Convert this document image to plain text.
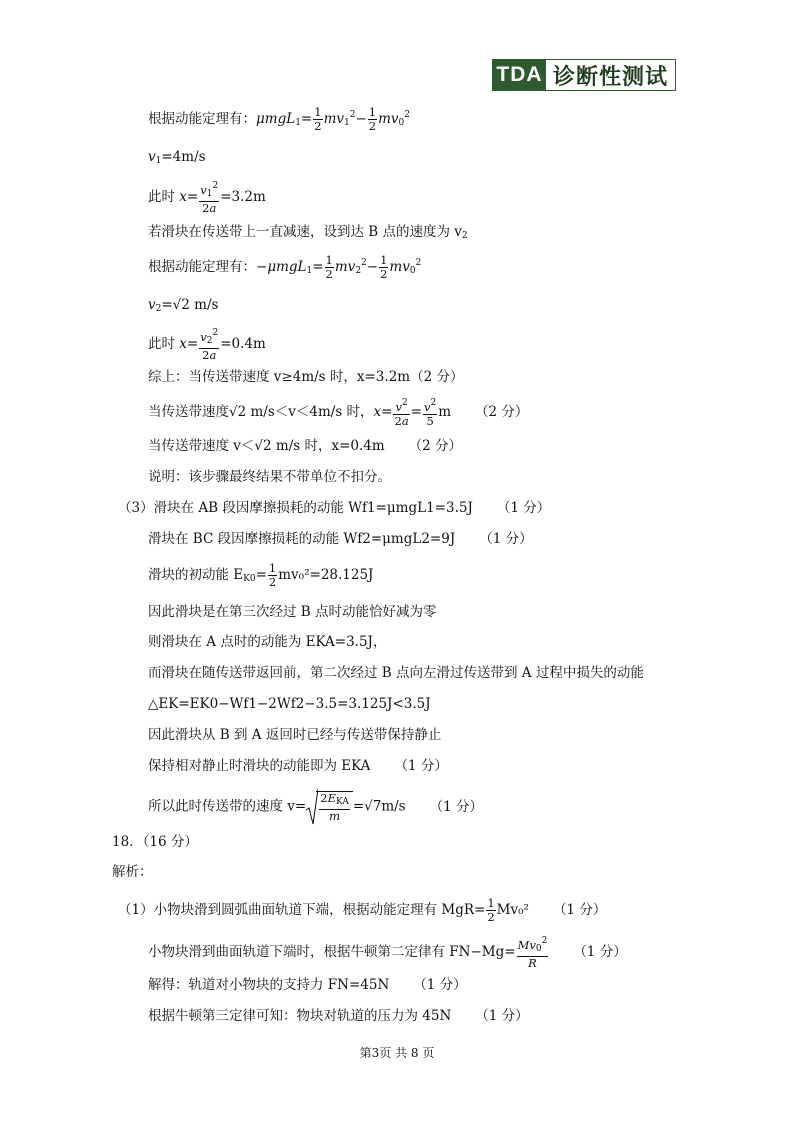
TDA 诊断性测试
根据动能定理有：$\mu mgL_1= \frac{1}{2} mv_1^2- \frac{1}{2} mv_0^2$
$v_1=4m/s$
此时 $x= \frac{v_1^2}{2a} =3.2m$
若滑块在传送带上一直减速，设到达 B 点的速度为 $v_2$
根据动能定理有：$-\mu mgL_1= \frac{1}{2} mv_2^2- \frac{1}{2} mv_0^2$
$v_2=√2$ m/s
此时 $x= \frac{v_2^2}{2a} =0.4m$
综上：当传送带速度 v≥4m/s 时，x=3.2m（2 分）
当传送带速度√2 m/s＜v＜4m/s 时，$x= \frac{v^2}{2a} = \frac{v^2}{5}$ m （2 分）
当传送带速度 v＜√2 m/s 时，x=0.4m （2 分）
说明：该步骤最终结果不带单位不扣分。
（3）滑块在 AB 段因摩擦损耗的动能 Wf1=μmgL1=3.5J （1 分）
滑块在 BC 段因摩擦损耗的动能 Wf2=μmgL2=9J （1 分）
滑块的初动能 $E_{K0}= \frac{1}{2} mv_0^2=28.125J$
因此滑块是在第三次经过 B 点时动能恰好减为零
则滑块在 A 点时的动能为 EKA=3.5J，
而滑块在随传送带返回前，第二次经过 B 点向左滑过传送带到 A 过程中损失的动能
△EK=EK0−Wf1−2Wf2−3.5=3.125J<3.5J
因此滑块从 B 到 A 返回时已经与传送带保持静止
保持相对静止时滑块的动能即为 EKA （1 分）
所以此时传送带的速度 $v= \frac{2E_{KA}}{m} =√7m/s$ （1 分）
18．（16 分）
解析：
（1）小物块滑到圆弧曲面轨道下端，根据动能定理有 $MgR= \frac{1}{2} Mv_0^2$ （1 分）
小物块滑到曲面轨道下端时，根据牛顿第二定律有 $FN-Mg= \frac{Mv_0^2}{R} (1$ 分）
解得：轨道对小物块的支持力 FN=45N （1 分）
根据牛顿第三定律可知：物块对轨道的压力为 45N （1 分）
第3页 共 8 页
